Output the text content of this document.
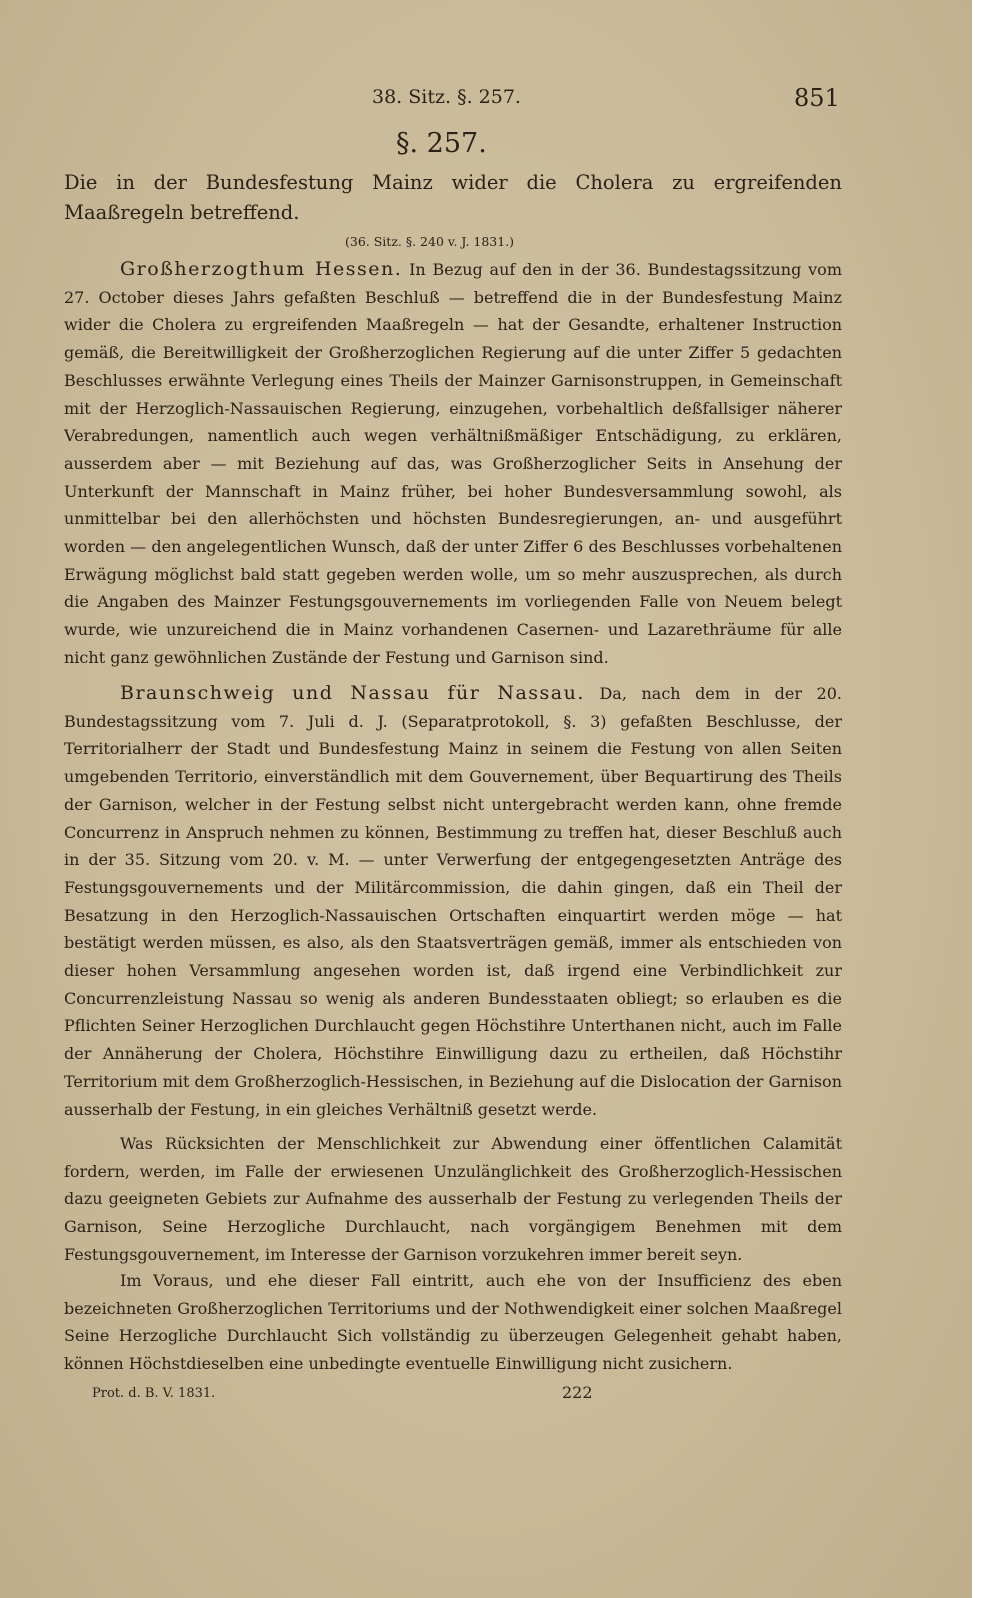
38. Sitz. §. 257.	851
§. 257.
Die in der Bundesfestung Mainz wider die Cholera zu ergreifenden Maaßregeln betreffend.
(36. Sitz. §. 240 v. J. 1831.)
Großherzogthum Hessen. In Bezug auf den in der 36. Bundestagssitzung vom 27. October dieses Jahrs gefaßten Beschluß — betreffend die in der Bundesfestung Mainz wider die Cholera zu ergreifenden Maaßregeln — hat der Gesandte, erhaltener Instruction gemäß, die Bereitwilligkeit der Großherzoglichen Regierung auf die unter Ziffer 5 gedachten Beschlusses erwähnte Verlegung eines Theils der Mainzer Garnisonstruppen, in Gemeinschaft mit der Herzoglich-Nassauischen Regierung, einzugehen, vorbehaltlich deßfallsiger näherer Verabredungen, namentlich auch wegen verhältnißmäßiger Entschädigung, zu erklären, ausserdem aber — mit Beziehung auf das, was Großherzoglicher Seits in Ansehung der Unterkunft der Mannschaft in Mainz früher, bei hoher Bundesversammlung sowohl, als unmittelbar bei den allerhöchsten und höchsten Bundesregierungen, an- und ausgeführt worden — den angelegentlichen Wunsch, daß der unter Ziffer 6 des Beschlusses vorbehaltenen Erwägung möglichst bald statt gegeben werden wolle, um so mehr auszusprechen, als durch die Angaben des Mainzer Festungsgouvernements im vorliegenden Falle von Neuem belegt wurde, wie unzureichend die in Mainz vorhandenen Casernen- und Lazarethräume für alle nicht ganz gewöhnlichen Zustände der Festung und Garnison sind.
Braunschweig und Nassau für Nassau. Da, nach dem in der 20. Bundestagssitzung vom 7. Juli d. J. (Separatprotokoll, §. 3) gefaßten Beschlusse, der Territorialherr der Stadt und Bundesfestung Mainz in seinem die Festung von allen Seiten umgebenden Territorio, einverständlich mit dem Gouvernement, über Bequartirung des Theils der Garnison, welcher in der Festung selbst nicht untergebracht werden kann, ohne fremde Concurrenz in Anspruch nehmen zu können, Bestimmung zu treffen hat, dieser Beschluß auch in der 35. Sitzung vom 20. v. M. — unter Verwerfung der entgegengesetzten Anträge des Festungsgouvernements und der Militärcommission, die dahin gingen, daß ein Theil der Besatzung in den Herzoglich-Nassauischen Ortschaften einquartirt werden möge — hat bestätigt werden müssen, es also, als den Staatsverträgen gemäß, immer als entschieden von dieser hohen Versammlung angesehen worden ist, daß irgend eine Verbindlichkeit zur Concurrenzleistung Nassau so wenig als anderen Bundesstaaten obliegt; so erlauben es die Pflichten Seiner Herzoglichen Durchlaucht gegen Höchstihre Unterthanen nicht, auch im Falle der Annäherung der Cholera, Höchstihre Einwilligung dazu zu ertheilen, daß Höchstihr Territorium mit dem Großherzoglich-Hessischen, in Beziehung auf die Dislocation der Garnison ausserhalb der Festung, in ein gleiches Verhältniß gesetzt werde.
Was Rücksichten der Menschlichkeit zur Abwendung einer öffentlichen Calamität fordern, werden, im Falle der erwiesenen Unzulänglichkeit des Großherzoglich-Hessischen dazu geeigneten Gebiets zur Aufnahme des ausserhalb der Festung zu verlegenden Theils der Garnison, Seine Herzogliche Durchlaucht, nach vorgängigem Benehmen mit dem Festungsgouvernement, im Interesse der Garnison vorzukehren immer bereit seyn.
Im Voraus, und ehe dieser Fall eintritt, auch ehe von der Insufficienz des eben bezeichneten Großherzoglichen Territoriums und der Nothwendigkeit einer solchen Maaßregel Seine Herzogliche Durchlaucht Sich vollständig zu überzeugen Gelegenheit gehabt haben, können Höchstdieselben eine unbedingte eventuelle Einwilligung nicht zusichern.
Prot. d. B. V. 1831.	222
